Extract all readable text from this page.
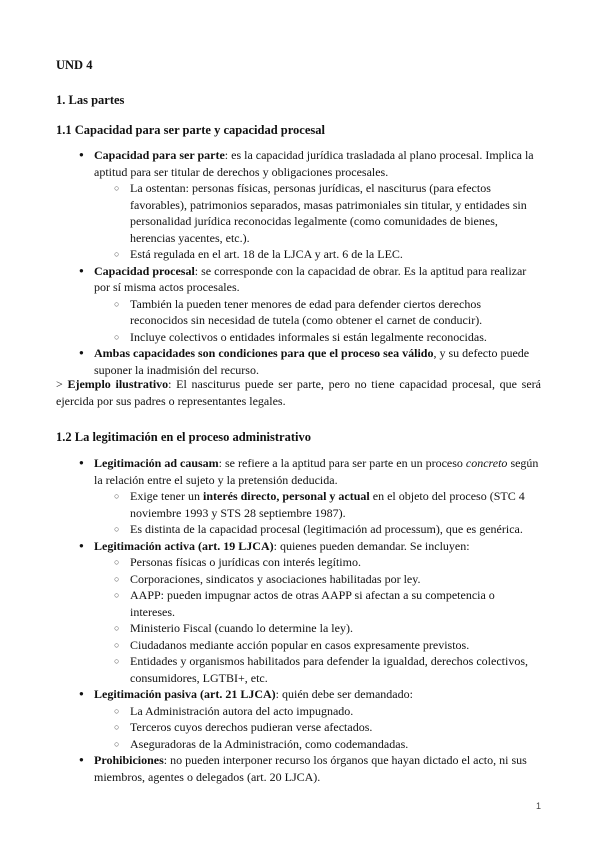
UND 4
1. Las partes
1.1 Capacidad para ser parte y capacidad procesal
● Capacidad para ser parte: es la capacidad jurídica trasladada al plano procesal. Implica la aptitud para ser titular de derechos y obligaciones procesales.
○ La ostentan: personas físicas, personas jurídicas, el nasciturus (para efectos favorables), patrimonios separados, masas patrimoniales sin titular, y entidades sin personalidad jurídica reconocidas legalmente (como comunidades de bienes, herencias yacentes, etc.).
○ Está regulada en el art. 18 de la LJCA y art. 6 de la LEC.
● Capacidad procesal: se corresponde con la capacidad de obrar. Es la aptitud para realizar por sí misma actos procesales.
○ También la pueden tener menores de edad para defender ciertos derechos reconocidos sin necesidad de tutela (como obtener el carnet de conducir).
○ Incluye colectivos o entidades informales si están legalmente reconocidas.
● Ambas capacidades son condiciones para que el proceso sea válido, y su defecto puede suponer la inadmisión del recurso.

> Ejemplo ilustrativo: El nasciturus puede ser parte, pero no tiene capacidad procesal, que será ejercida por sus padres o representantes legales.

1.2 La legitimación en el proceso administrativo
● Legitimación ad causam: se refiere a la aptitud para ser parte en un proceso concreto según la relación entre el sujeto y la pretensión deducida.
○ Exige tener un interés directo, personal y actual en el objeto del proceso (STC 4 noviembre 1993 y STS 28 septiembre 1987).
○ Es distinta de la capacidad procesal (legitimación ad processum), que es genérica.
● Legitimación activa (art. 19 LJCA): quienes pueden demandar. Se incluyen:
○ Personas físicas o jurídicas con interés legítimo.
○ Corporaciones, sindicatos y asociaciones habilitadas por ley.
○ AAPP: pueden impugnar actos de otras AAPP si afectan a su competencia o intereses.
○ Ministerio Fiscal (cuando lo determine la ley).
○ Ciudadanos mediante acción popular en casos expresamente previstos.
○ Entidades y organismos habilitados para defender la igualdad, derechos colectivos, consumidores, LGTBI+, etc.
● Legitimación pasiva (art. 21 LJCA): quién debe ser demandado:
○ La Administración autora del acto impugnado.
○ Terceros cuyos derechos pudieran verse afectados.
○ Aseguradoras de la Administración, como codemandadas.
● Prohibiciones: no pueden interponer recurso los órganos que hayan dictado el acto, ni sus miembros, agentes o delegados (art. 20 LJCA).
1
